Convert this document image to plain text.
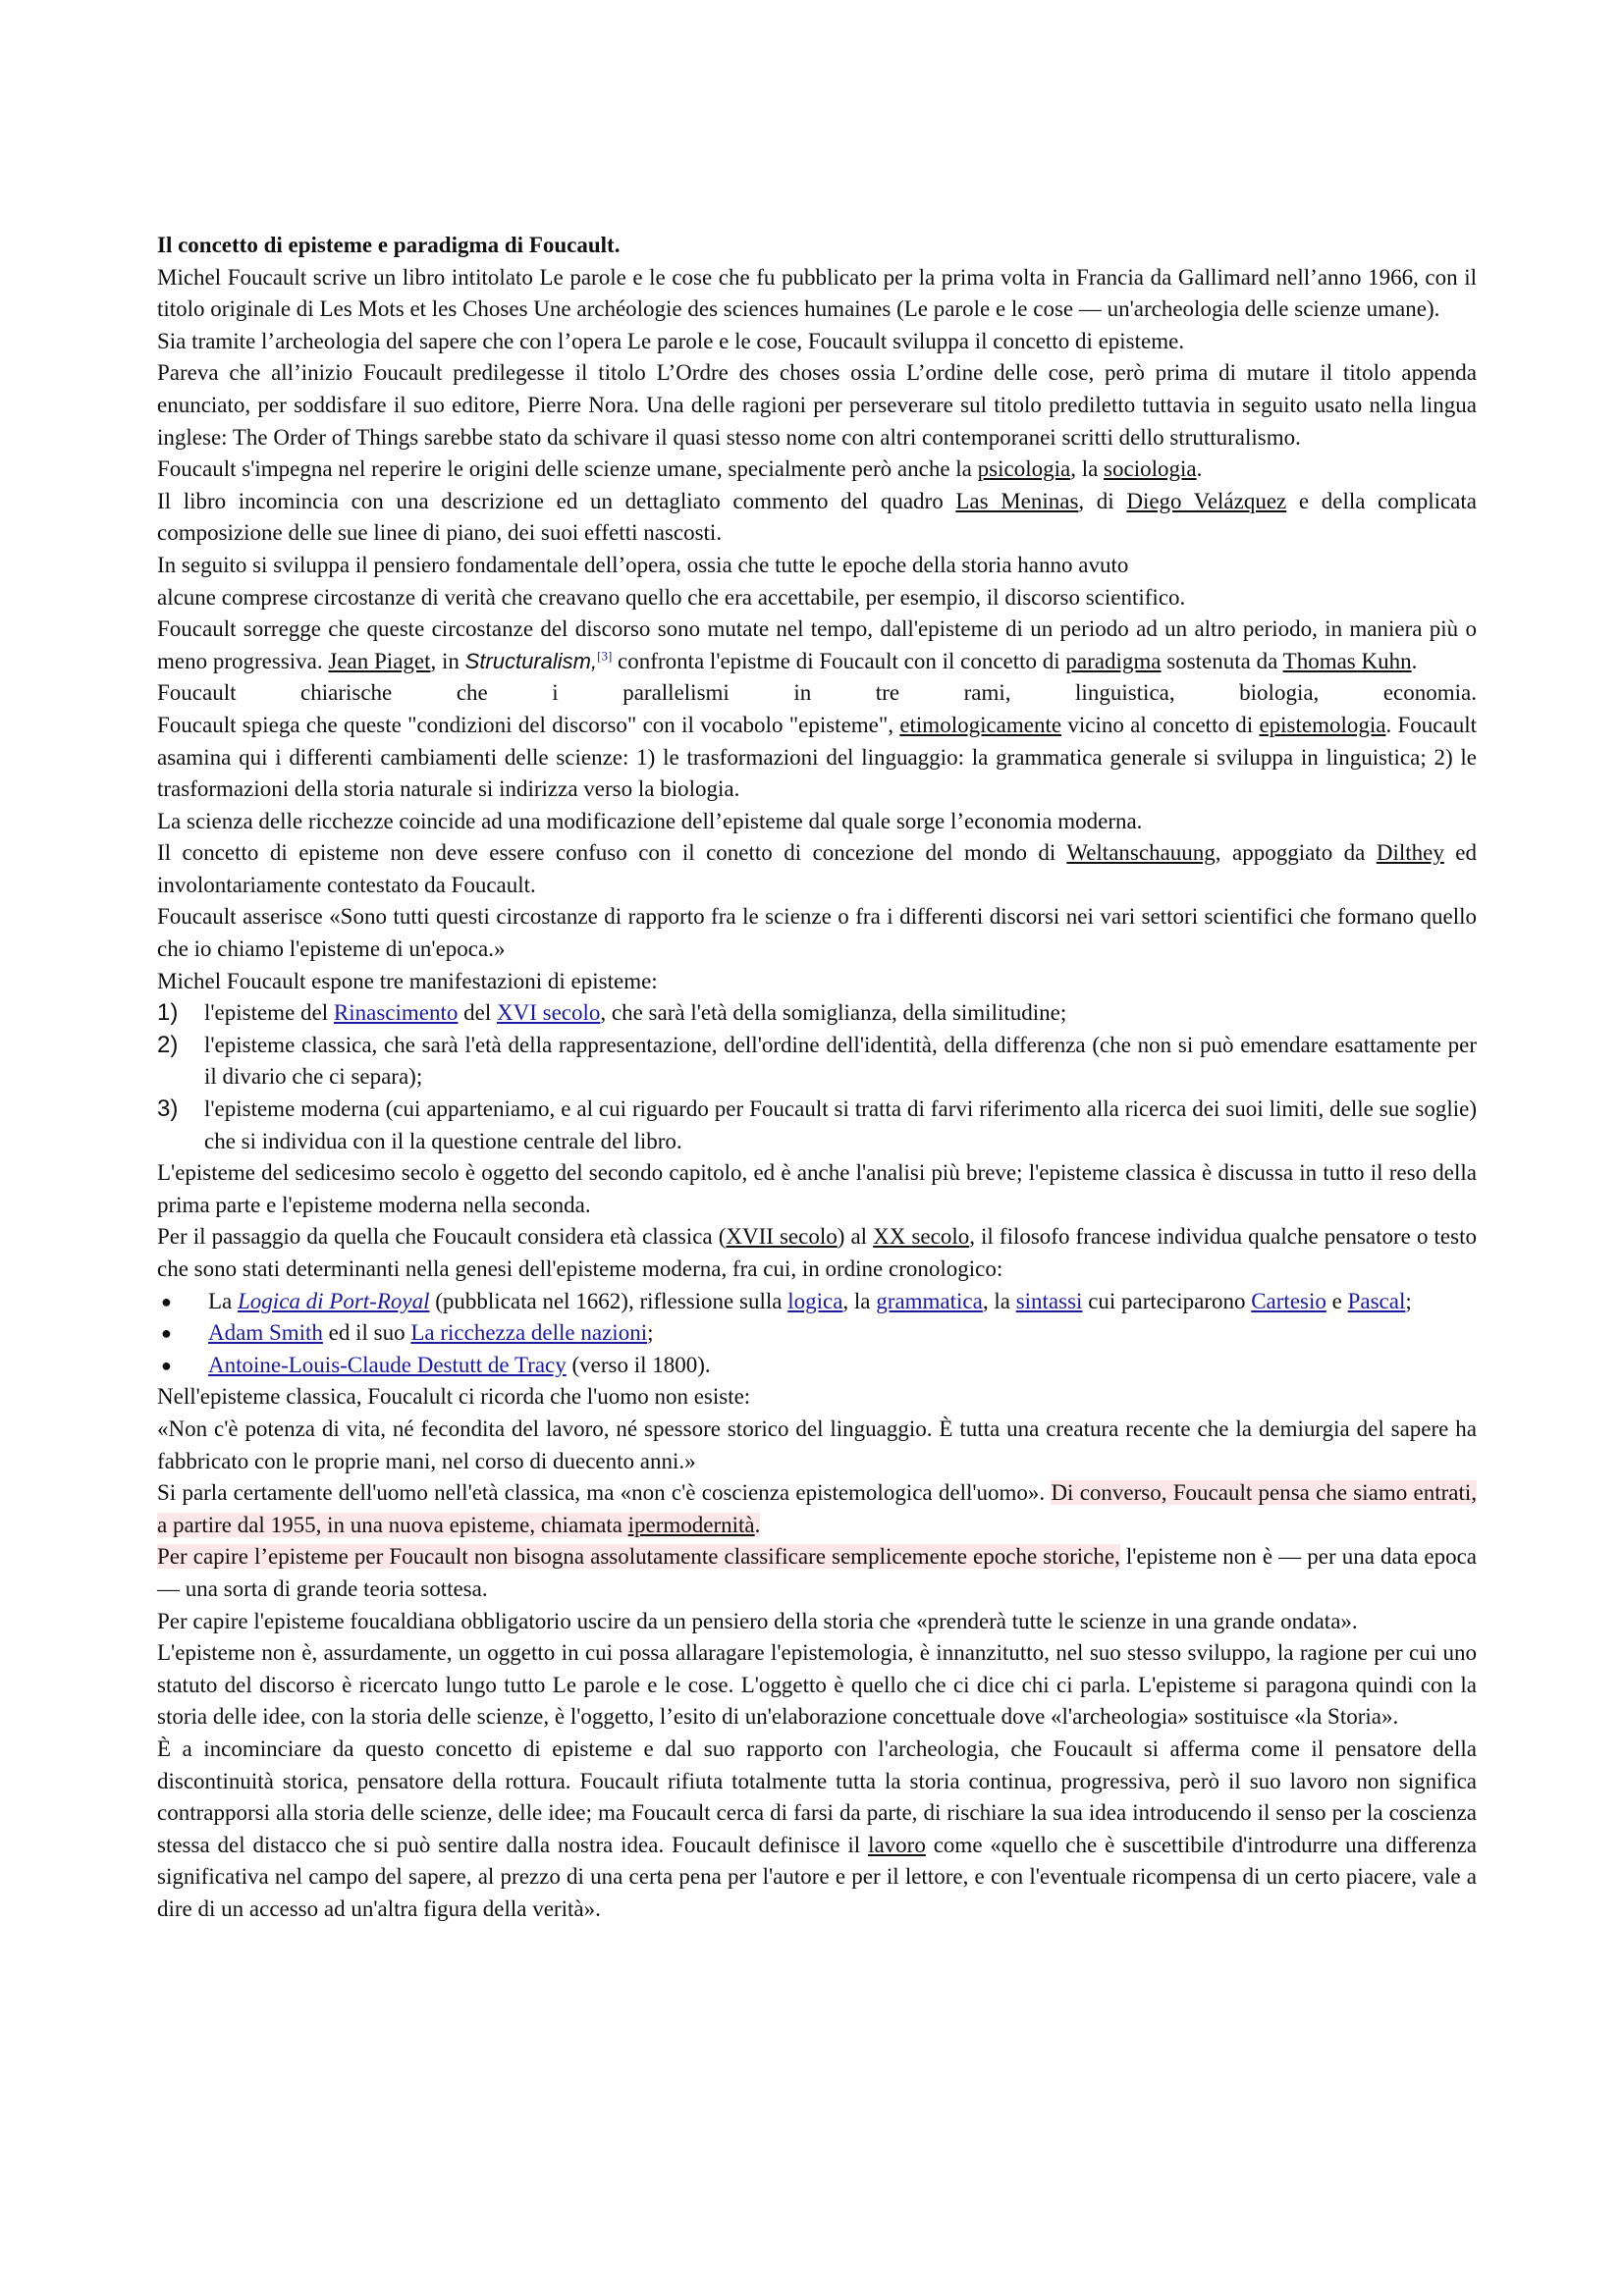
Il concetto di episteme e paradigma di Foucault.

Michel Foucault scrive un libro intitolato Le parole e le cose che fu pubblicato per la prima volta in Francia da Gallimard nell’anno 1966, con il titolo originale di Les Mots et les Choses Une archéologie des sciences humaines (Le parole e le cose — un'archeologia delle scienze umane).

Sia tramite l’archeologia del sapere che con l’opera Le parole e le cose, Foucault sviluppa il concetto di episteme.

Pareva che all’inizio Foucault predilegesse il titolo L’Ordre des choses ossia L’ordine delle cose, però prima di mutare il titolo appenda enunciato, per soddisfare il suo editore, Pierre Nora. Una delle ragioni per perseverare sul titolo prediletto tuttavia in seguito usato nella lingua inglese: The Order of Things sarebbe stato da schivare il quasi stesso nome con altri contemporanei scritti dello strutturalismo.

Foucault s'impegna nel reperire le origini delle scienze umane, specialmente però anche la psicologia, la sociologia.

Il libro incomincia con una descrizione ed un dettagliato commento del quadro Las Meninas, di Diego Velázquez e della complicata composizione delle sue linee di piano, dei suoi effetti nascosti.

In seguito si sviluppa il pensiero fondamentale dell’opera, ossia che tutte le epoche della storia hanno avuto

alcune comprese circostanze di verità che creavano quello che era accettabile, per esempio, il discorso scientifico.

Foucault sorregge che queste circostanze del discorso sono mutate nel tempo, dall'episteme di un periodo ad un altro periodo, in maniera più o meno progressiva. Jean Piaget, in Structuralism,[3] confronta l'epistme di Foucault con il concetto di paradigma sostenuta da Thomas Kuhn.

Foucault chiarische che i parallelismi in tre rami, linguistica, biologia, economia.

Foucault spiega che queste "condizioni del discorso" con il vocabolo "episteme", etimologicamente vicino al concetto di epistemologia. Foucault asamina qui i differenti cambiamenti delle scienze: 1) le trasformazioni del linguaggio: la grammatica generale si sviluppa in linguistica; 2) le trasformazioni della storia naturale si indirizza verso la biologia.

La scienza delle ricchezze coincide ad una modificazione dell’episteme dal quale sorge l’economia moderna.

Il concetto di episteme non deve essere confuso con il conetto di concezione del mondo di Weltanschauung, appoggiato da Dilthey ed involontariamente contestato da Foucault.

Foucault asserisce «Sono tutti questi circostanze di rapporto fra le scienze o fra i differenti discorsi nei vari settori scientifici che formano quello che io chiamo l'episteme di un'epoca.»

Michel Foucault espone tre manifestazioni di episteme:

1)	l'episteme del Rinascimento del XVI secolo, che sarà l'età della somiglianza, della similitudine;
2)	l'episteme classica, che sarà l'età della rappresentazione, dell'ordine dell'identità, della differenza (che non si può emendare esattamente per il divario che ci separa);
3)	l'episteme moderna (cui apparteniamo, e al cui riguardo per Foucault si tratta di farvi riferimento alla ricerca dei suoi limiti, delle sue soglie) che si individua con il la questione centrale del libro.

L'episteme del sedicesimo secolo è oggetto del secondo capitolo, ed è anche l'analisi più breve; l'episteme classica è discussa in tutto il reso della prima parte e l'episteme moderna nella seconda.

Per il passaggio da quella che Foucault considera età classica (XVII secolo) al XX secolo, il filosofo francese individua qualche pensatore o testo che sono stati determinanti nella genesi dell'episteme moderna, fra cui, in ordine cronologico:

●	La Logica di Port-Royal (pubblicata nel 1662), riflessione sulla logica, la grammatica, la sintassi cui parteciparono Cartesio e Pascal;
●	Adam Smith ed il suo La ricchezza delle nazioni;
●	Antoine-Louis-Claude Destutt de Tracy (verso il 1800).

Nell'episteme classica, Foucalult ci ricorda che l'uomo non esiste:

«Non c'è potenza di vita, né fecondita del lavoro, né spessore storico del linguaggio. È tutta una creatura recente che la demiurgia del sapere ha fabbricato con le proprie mani, nel corso di duecento anni.»

Si parla certamente dell'uomo nell'età classica, ma «non c'è coscienza epistemologica dell'uomo». Di converso, Foucault pensa che siamo entrati, a partire dal 1955, in una nuova episteme, chiamata ipermodernità.

Per capire l’episteme per Foucault non bisogna assolutamente classificare semplicemente epoche storiche, l'episteme non è — per una data epoca — una sorta di grande teoria sottesa.

Per capire l'episteme foucaldiana obbligatorio uscire da un pensiero della storia che «prenderà tutte le scienze in una grande ondata».

L'episteme non è, assurdamente, un oggetto in cui possa allaragare l'epistemologia, è innanzitutto, nel suo stesso sviluppo, la ragione per cui uno statuto del discorso è ricercato lungo tutto Le parole e le cose. L'oggetto è quello che ci dice chi ci parla. L'episteme si paragona quindi con la storia delle idee, con la storia delle scienze, è l'oggetto, l’esito di un'elaborazione concettuale dove «l'archeologia» sostituisce «la Storia».

È a incominciare da questo concetto di episteme e dal suo rapporto con l'archeologia, che Foucault si afferma come il pensatore della discontinuità storica, pensatore della rottura. Foucault rifiuta totalmente tutta la storia continua, progressiva, però il suo lavoro non significa contrapporsi alla storia delle scienze, delle idee; ma Foucault cerca di farsi da parte, di rischiare la sua idea introducendo il senso per la coscienza stessa del distacco che si può sentire dalla nostra idea. Foucault definisce il lavoro come «quello che è suscettibile d'introdurre una differenza significativa nel campo del sapere, al prezzo di una certa pena per l'autore e per il lettore, e con l'eventuale ricompensa di un certo piacere, vale a dire di un accesso ad un'altra figura della verità».
